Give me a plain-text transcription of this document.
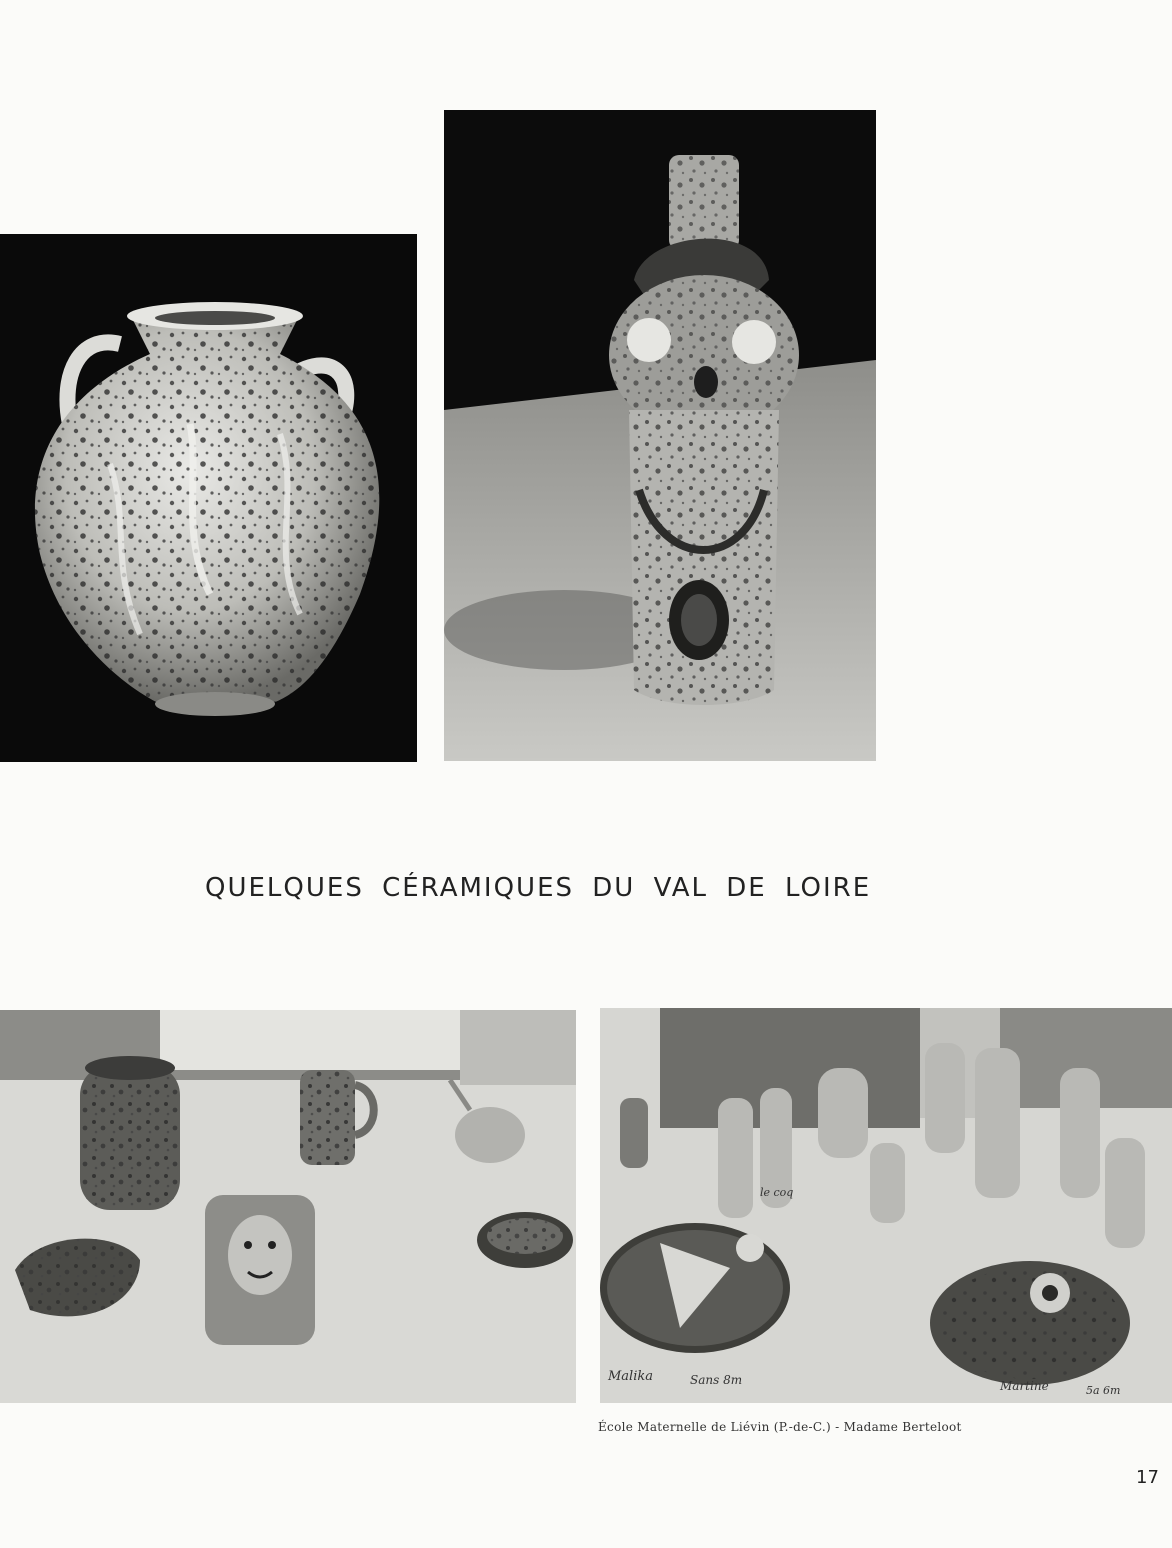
QUELQUES CÉRAMIQUES DU VAL DE LOIRE
le coq
Malika	Sans 8m	Martine	5a 6m
École Maternelle de Liévin (P.-de-C.) - Madame Berteloot
17
